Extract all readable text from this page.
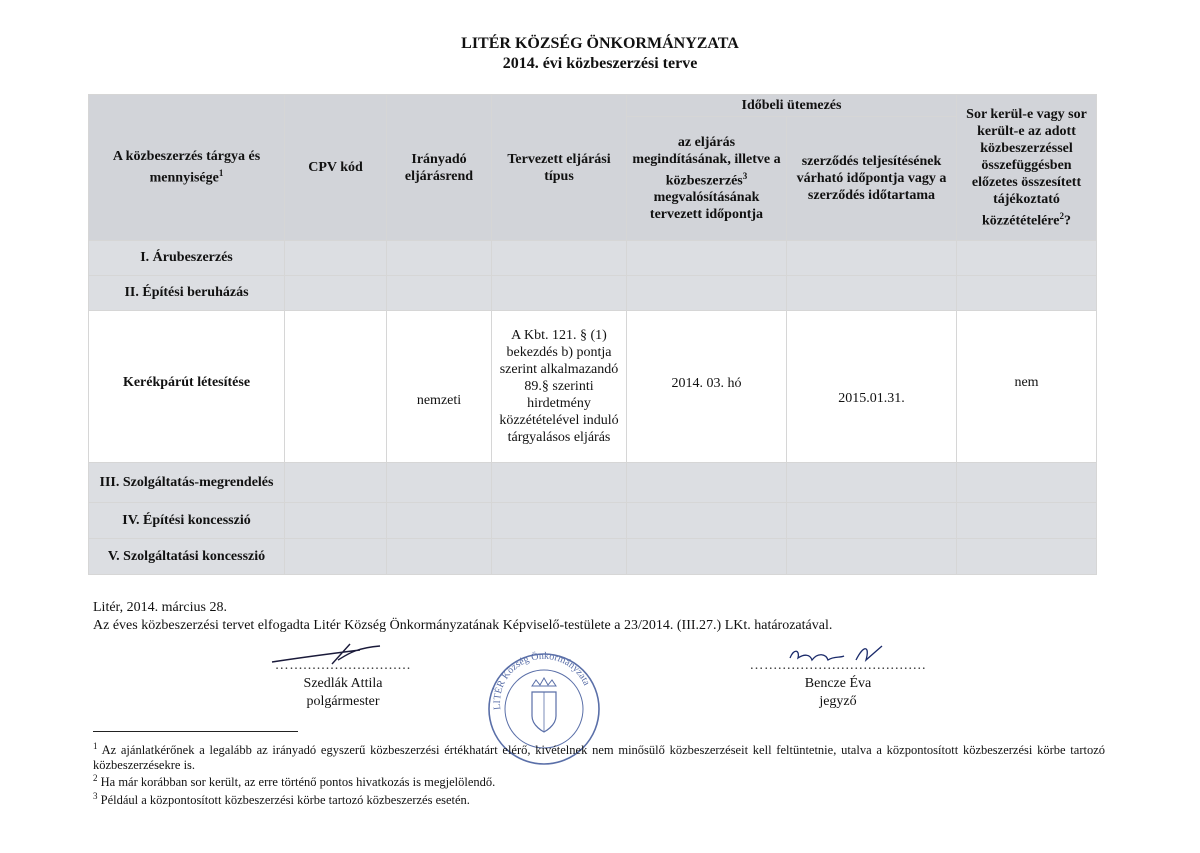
LITÉR KÖZSÉG ÖNKORMÁNYZATA
2014. évi közbeszerzési terve
A közbeszerzés tárgya és mennyisége$^1$	CPV kód	Irányadó eljárásrend	Tervezett eljárási típus	Időbeli ütemezés		Sor kerül-e vagy sor került-e az adott közbeszerzéssel összefüggésben előzetes összesített tájékoztató közzétételére$^2$?
				az eljárás megindításának, illetve a közbeszerzés$^3$ megvalósításának tervezett időpontja	szerződés teljesítésének várható időpontja vagy a szerződés időtartama	
I. Árubeszerzés						
II. Építési beruházás						
Kerékpárút létesítése		nemzeti	A Kbt. 121. § (1) bekezdés b) pontja szerint alkalmazandó 89.§ szerinti hirdetmény közzétételével induló tárgyalásos eljárás	2014. 03. hó	2015.01.31.	nem
III. Szolgáltatás-megrendelés						
IV. Építési koncesszió						
V. Szolgáltatási koncesszió						
Litér, 2014. március 28.
Az éves közbeszerzési tervet elfogadta Litér Község Önkormányzatának Képviselő-testülete a 23/2014. (III.27.) LKt. határozatával.
…...........................
Szedlák Attila
polgármester	LITÉR Község Önkormányzata
…....................................
Bencze Éva
jegyző
$^1$ Az ajánlatkérőnek a legalább az irányadó egyszerű közbeszerzési értékhatárt elérő, kivételnek nem minősülő közbeszerzéseit kell feltüntetnie, utalva a központosított közbeszerzési körbe tartozó közbeszerzésekre is.
$^2$ Ha már korábban sor került, az erre történő pontos hivatkozás is megjelölendő.
$^3$ Például a központosított közbeszerzési körbe tartozó közbeszerzés esetén.
